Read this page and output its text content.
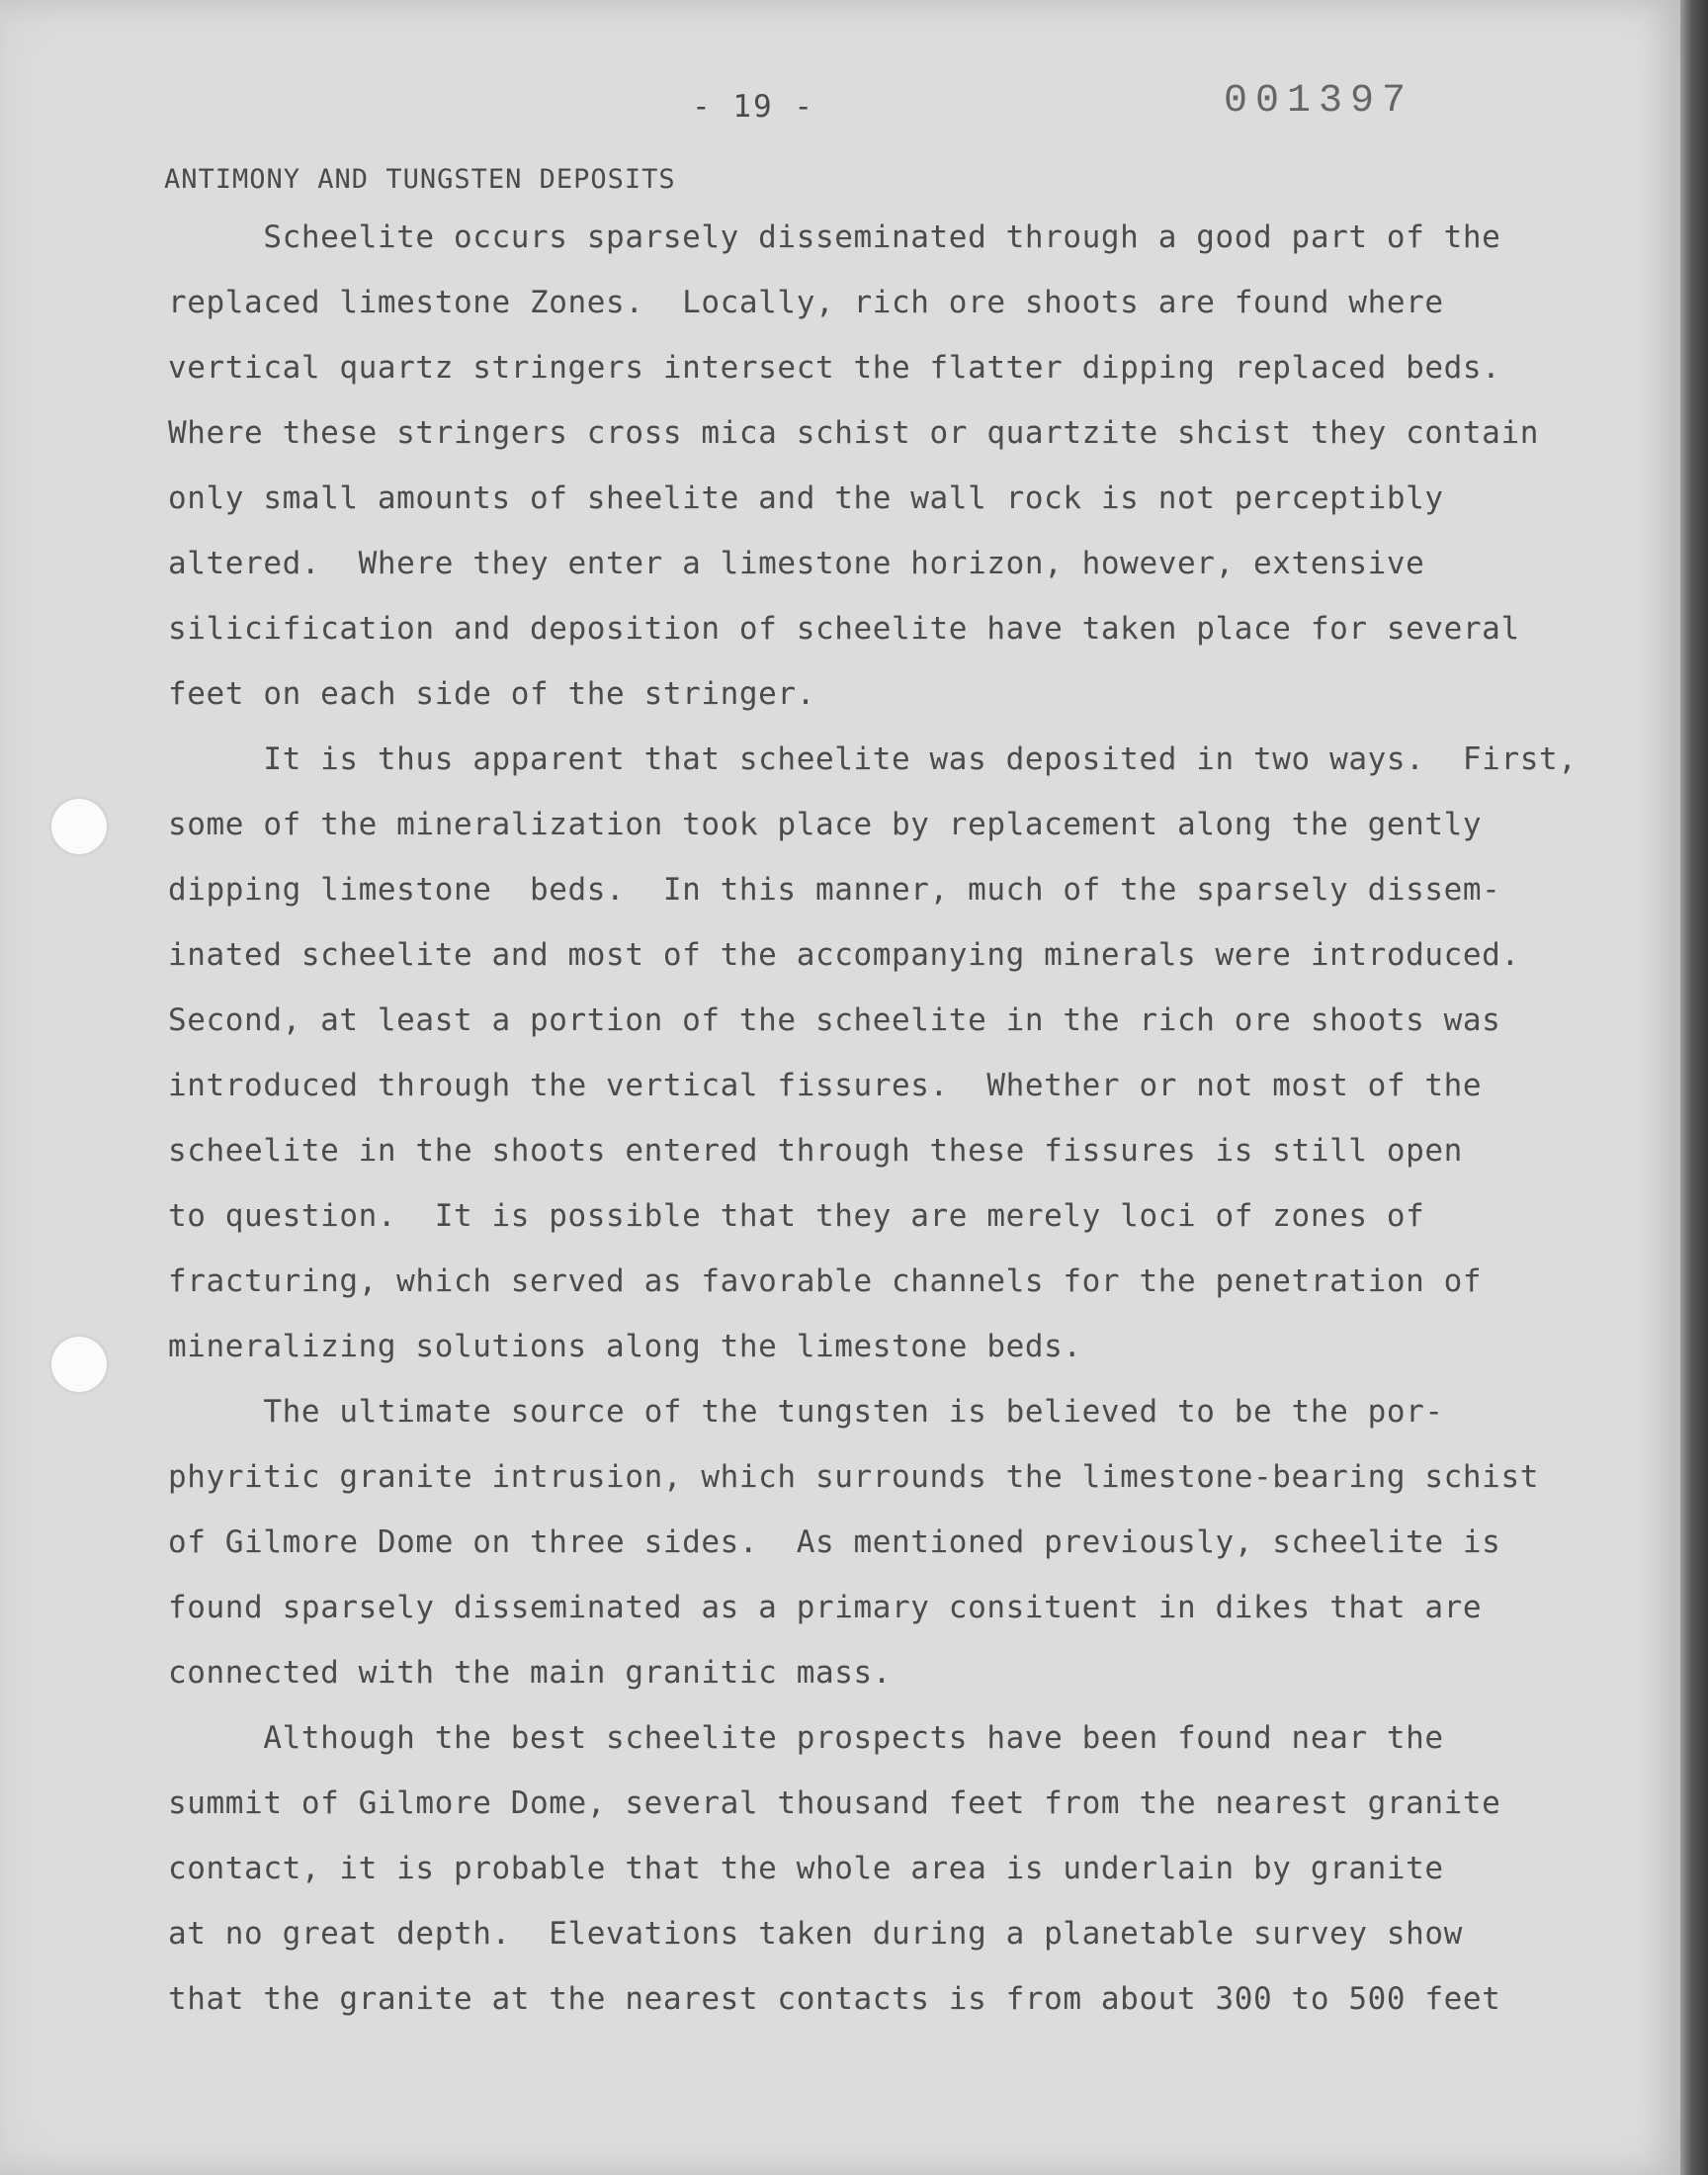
- 19 -	001397
ANTIMONY AND TUNGSTEN DEPOSITS
Scheelite occurs sparsely disseminated through a good part of the
replaced limestone Zones.  Locally, rich ore shoots are found where
vertical quartz stringers intersect the flatter dipping replaced beds.
Where these stringers cross mica schist or quartzite shcist they contain
only small amounts of sheelite and the wall rock is not perceptibly
altered.  Where they enter a limestone horizon, however, extensive
silicification and deposition of scheelite have taken place for several
feet on each side of the stringer.
It is thus apparent that scheelite was deposited in two ways.  First,
some of the mineralization took place by replacement along the gently
dipping limestone  beds.  In this manner, much of the sparsely dissem-
inated scheelite and most of the accompanying minerals were introduced.
Second, at least a portion of the scheelite in the rich ore shoots was
introduced through the vertical fissures.  Whether or not most of the
scheelite in the shoots entered through these fissures is still open
to question.  It is possible that they are merely loci of zones of
fracturing, which served as favorable channels for the penetration of
mineralizing solutions along the limestone beds.
The ultimate source of the tungsten is believed to be the por-
phyritic granite intrusion, which surrounds the limestone-bearing schist
of Gilmore Dome on three sides.  As mentioned previously, scheelite is
found sparsely disseminated as a primary consituent in dikes that are
connected with the main granitic mass.
Although the best scheelite prospects have been found near the
summit of Gilmore Dome, several thousand feet from the nearest granite
contact, it is probable that the whole area is underlain by granite
at no great depth.  Elevations taken during a planetable survey show
that the granite at the nearest contacts is from about 300 to 500 feet
